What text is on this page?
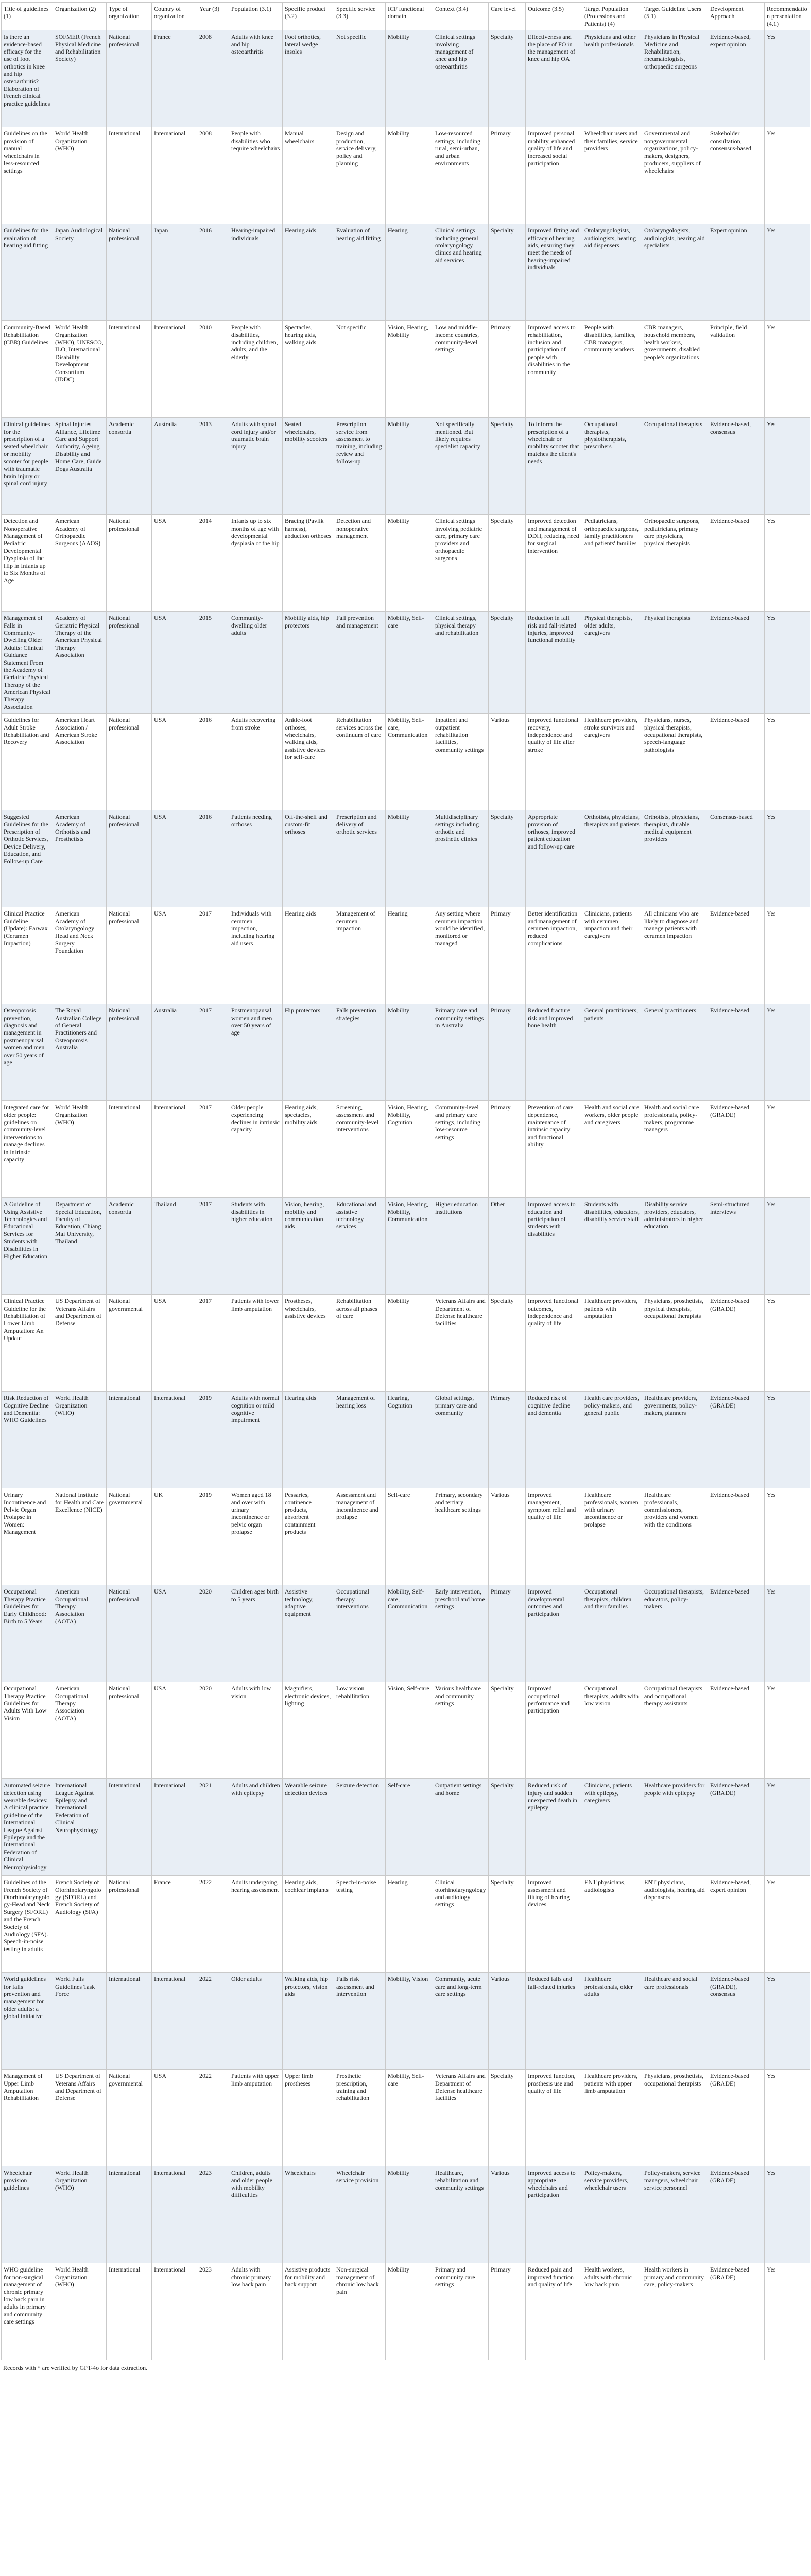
Title of guidelines (1)	Organization (2)	Type of organization	Country of organization	Year (3)	Population (3.1)	Specific product (3.2)	Specific service (3.3)	ICF functional domain	Context (3.4)	Care level	Outcome (3.5)	Target Population (Professions and Patients) (4)	Target Guideline Users (5.1)	Development Approach	Recommendation presentation (4.1)
Is there an evidence-based efficacy for the use of foot orthotics in knee and hip osteoarthritis? Elaboration of French clinical practice guidelines	SOFMER (French Physical Medicine and Rehabilitation Society)	National professional	France	2008	Adults with knee and hip osteoarthritis	Foot orthotics, lateral wedge insoles	Not specific	Mobility	Clinical settings involving management of knee and hip osteoarthritis	Specialty	Effectiveness and the place of FO in the management of knee and hip OA	Physicians and other health professionals	Physicians in Physical Medicine and Rehabilitation, rheumatologists, orthopaedic surgeons	Evidence-based, expert opinion	Yes
Guidelines on the provision of manual wheelchairs in less-resourced settings	World Health Organization (WHO)	International	International	2008	People with disabilities who require wheelchairs	Manual wheelchairs	Design and production, service delivery, policy and planning	Mobility	Low-resourced settings, including rural, semi-urban, and urban environments	Primary	Improved personal mobility, enhanced quality of life and increased social participation	Wheelchair users and their families, service providers	Governmental and nongovernmental organizations, policy-makers, designers, producers, suppliers of wheelchairs	Stakeholder consultation, consensus-based	Yes
Guidelines for the evaluation of hearing aid fitting	Japan Audiological Society	National professional	Japan	2016	Hearing-impaired individuals	Hearing aids	Evaluation of hearing aid fitting	Hearing	Clinical settings including general otolaryngology clinics and hearing aid services	Specialty	Improved fitting and efficacy of hearing aids, ensuring they meet the needs of hearing-impaired individuals	Otolaryngologists, audiologists, hearing aid dispensers	Otolaryngologists, audiologists, hearing aid specialists	Expert opinion	Yes
Community-Based Rehabilitation (CBR) Guidelines	World Health Organization (WHO), UNESCO, ILO, International Disability Development Consortium (IDDC)	International	International	2010	People with disabilities, including children, adults, and the elderly	Spectacles, hearing aids, walking aids	Not specific	Vision, Hearing, Mobility	Low and middle-income countries, community-level settings	Primary	Improved access to rehabilitation, inclusion and participation of people with disabilities in the community	People with disabilities, families, CBR managers, community workers	CBR managers, household members, health workers, governments, disabled people's organizations	Principle, field validation	Yes
Clinical guidelines for the prescription of a seated wheelchair or mobility scooter for people with traumatic brain injury or spinal cord injury	Spinal Injuries Alliance, Lifetime Care and Support Authority, Ageing Disability and Home Care, Guide Dogs Australia	Academic consortia	Australia	2013	Adults with spinal cord injury and/or traumatic brain injury	Seated wheelchairs, mobility scooters	Prescription service from assessment to training, including review and follow-up	Mobility	Not specifically mentioned. But likely requires specialist capacity	Specialty	To inform the prescription of a wheelchair or mobility scooter that matches the client's needs	Occupational therapists, physiotherapists, prescribers	Occupational therapists	Evidence-based, consensus	Yes
Detection and Nonoperative Management of Pediatric Developmental Dysplasia of the Hip in Infants up to Six Months of Age	American Academy of Orthopaedic Surgeons (AAOS)	National professional	USA	2014	Infants up to six months of age with developmental dysplasia of the hip	Bracing (Pavlik harness), abduction orthoses	Detection and nonoperative management	Mobility	Clinical settings involving pediatric care, primary care providers and orthopaedic surgeons	Specialty	Improved detection and management of DDH, reducing need for surgical intervention	Pediatricians, orthopaedic surgeons, family practitioners and patients' families	Orthopaedic surgeons, pediatricians, primary care physicians, physical therapists	Evidence-based	Yes
Management of Falls in Community-Dwelling Older Adults: Clinical Guidance Statement From the Academy of Geriatric Physical Therapy of the American Physical Therapy Association	Academy of Geriatric Physical Therapy of the American Physical Therapy Association	National professional	USA	2015	Community-dwelling older adults	Mobility aids, hip protectors	Fall prevention and management	Mobility, Self-care	Clinical settings, physical therapy and rehabilitation	Specialty	Reduction in fall risk and fall-related injuries, improved functional mobility	Physical therapists, older adults, caregivers	Physical therapists	Evidence-based	Yes
Guidelines for Adult Stroke Rehabilitation and Recovery	American Heart Association / American Stroke Association	National professional	USA	2016	Adults recovering from stroke	Ankle-foot orthoses, wheelchairs, walking aids, assistive devices for self-care	Rehabilitation services across the continuum of care	Mobility, Self-care, Communication	Inpatient and outpatient rehabilitation facilities, community settings	Various	Improved functional recovery, independence and quality of life after stroke	Healthcare providers, stroke survivors and caregivers	Physicians, nurses, physical therapists, occupational therapists, speech-language pathologists	Evidence-based	Yes
Suggested Guidelines for the Prescription of Orthotic Services, Device Delivery, Education, and Follow-up Care	American Academy of Orthotists and Prosthetists	National professional	USA	2016	Patients needing orthoses	Off-the-shelf and custom-fit orthoses	Prescription and delivery of orthotic services	Mobility	Multidisciplinary settings including orthotic and prosthetic clinics	Specialty	Appropriate provision of orthoses, improved patient education and follow-up care	Orthotists, physicians, therapists and patients	Orthotists, physicians, therapists, durable medical equipment providers	Consensus-based	Yes
Clinical Practice Guideline (Update): Earwax (Cerumen Impaction)	American Academy of Otolaryngology—Head and Neck Surgery Foundation	National professional	USA	2017	Individuals with cerumen impaction, including hearing aid users	Hearing aids	Management of cerumen impaction	Hearing	Any setting where cerumen impaction would be identified, monitored or managed	Primary	Better identification and management of cerumen impaction, reduced complications	Clinicians, patients with cerumen impaction and their caregivers	All clinicians who are likely to diagnose and manage patients with cerumen impaction	Evidence-based	Yes
Osteoporosis prevention, diagnosis and management in postmenopausal women and men over 50 years of age	The Royal Australian College of General Practitioners and Osteoporosis Australia	National professional	Australia	2017	Postmenopausal women and men over 50 years of age	Hip protectors	Falls prevention strategies	Mobility	Primary care and community settings in Australia	Primary	Reduced fracture risk and improved bone health	General practitioners, patients	General practitioners	Evidence-based	Yes
Integrated care for older people: guidelines on community-level interventions to manage declines in intrinsic capacity	World Health Organization (WHO)	International	International	2017	Older people experiencing declines in intrinsic capacity	Hearing aids, spectacles, mobility aids	Screening, assessment and community-level interventions	Vision, Hearing, Mobility, Cognition	Community-level and primary care settings, including low-resource settings	Primary	Prevention of care dependence, maintenance of intrinsic capacity and functional ability	Health and social care workers, older people and caregivers	Health and social care professionals, policy-makers, programme managers	Evidence-based (GRADE)	Yes
A Guideline of Using Assistive Technologies and Educational Services for Students with Disabilities in Higher Education	Department of Special Education, Faculty of Education, Chiang Mai University, Thailand	Academic consortia	Thailand	2017	Students with disabilities in higher education	Vision, hearing, mobility and communication aids	Educational and assistive technology services	Vision, Hearing, Mobility, Communication	Higher education institutions	Other	Improved access to education and participation of students with disabilities	Students with disabilities, educators, disability service staff	Disability service providers, educators, administrators in higher education	Semi-structured interviews	Yes
Clinical Practice Guideline for the Rehabilitation of Lower Limb Amputation: An Update	US Department of Veterans Affairs and Department of Defense	National governmental	USA	2017	Patients with lower limb amputation	Prostheses, wheelchairs, assistive devices	Rehabilitation across all phases of care	Mobility	Veterans Affairs and Department of Defense healthcare facilities	Specialty	Improved functional outcomes, independence and quality of life	Healthcare providers, patients with amputation	Physicians, prosthetists, physical therapists, occupational therapists	Evidence-based (GRADE)	Yes
Risk Reduction of Cognitive Decline and Dementia: WHO Guidelines	World Health Organization (WHO)	International	International	2019	Adults with normal cognition or mild cognitive impairment	Hearing aids	Management of hearing loss	Hearing, Cognition	Global settings, primary care and community	Primary	Reduced risk of cognitive decline and dementia	Health care providers, policy-makers, and general public	Healthcare providers, governments, policy-makers, planners	Evidence-based (GRADE)	Yes
Urinary Incontinence and Pelvic Organ Prolapse in Women: Management	National Institute for Health and Care Excellence (NICE)	National governmental	UK	2019	Women aged 18 and over with urinary incontinence or pelvic organ prolapse	Pessaries, continence products, absorbent containment products	Assessment and management of incontinence and prolapse	Self-care	Primary, secondary and tertiary healthcare settings	Various	Improved management, symptom relief and quality of life	Healthcare professionals, women with urinary incontinence or prolapse	Healthcare professionals, commissioners, providers and women with the conditions	Evidence-based	Yes
Occupational Therapy Practice Guidelines for Early Childhood: Birth to 5 Years	American Occupational Therapy Association (AOTA)	National professional	USA	2020	Children ages birth to 5 years	Assistive technology, adaptive equipment	Occupational therapy interventions	Mobility, Self-care, Communication	Early intervention, preschool and home settings	Primary	Improved developmental outcomes and participation	Occupational therapists, children and their families	Occupational therapists, educators, policy-makers	Evidence-based	Yes
Occupational Therapy Practice Guidelines for Adults With Low Vision	American Occupational Therapy Association (AOTA)	National professional	USA	2020	Adults with low vision	Magnifiers, electronic devices, lighting	Low vision rehabilitation	Vision, Self-care	Various healthcare and community settings	Specialty	Improved occupational performance and participation	Occupational therapists, adults with low vision	Occupational therapists and occupational therapy assistants	Evidence-based	Yes
Automated seizure detection using wearable devices: A clinical practice guideline of the International League Against Epilepsy and the International Federation of Clinical Neurophysiology	International League Against Epilepsy and International Federation of Clinical Neurophysiology	International	International	2021	Adults and children with epilepsy	Wearable seizure detection devices	Seizure detection	Self-care	Outpatient settings and home	Specialty	Reduced risk of injury and sudden unexpected death in epilepsy	Clinicians, patients with epilepsy, caregivers	Healthcare providers for people with epilepsy	Evidence-based (GRADE)	Yes
Guidelines of the French Society of Otorhinolaryngology-Head and Neck Surgery (SFORL) and the French Society of Audiology (SFA). Speech-in-noise testing in adults	French Society of Otorhinolaryngology (SFORL) and French Society of Audiology (SFA)	National professional	France	2022	Adults undergoing hearing assessment	Hearing aids, cochlear implants	Speech-in-noise testing	Hearing	Clinical otorhinolaryngology and audiology settings	Specialty	Improved assessment and fitting of hearing devices	ENT physicians, audiologists	ENT physicians, audiologists, hearing aid dispensers	Evidence-based, expert opinion	Yes
World guidelines for falls prevention and management for older adults: a global initiative	World Falls Guidelines Task Force	International	International	2022	Older adults	Walking aids, hip protectors, vision aids	Falls risk assessment and intervention	Mobility, Vision	Community, acute care and long-term care settings	Various	Reduced falls and fall-related injuries	Healthcare professionals, older adults	Healthcare and social care professionals	Evidence-based (GRADE), consensus	Yes
Management of Upper Limb Amputation Rehabilitation	US Department of Veterans Affairs and Department of Defense	National governmental	USA	2022	Patients with upper limb amputation	Upper limb prostheses	Prosthetic prescription, training and rehabilitation	Mobility, Self-care	Veterans Affairs and Department of Defense healthcare facilities	Specialty	Improved function, prosthesis use and quality of life	Healthcare providers, patients with upper limb amputation	Physicians, prosthetists, occupational therapists	Evidence-based (GRADE)	Yes
Wheelchair provision guidelines	World Health Organization (WHO)	International	International	2023	Children, adults and older people with mobility difficulties	Wheelchairs	Wheelchair service provision	Mobility	Healthcare, rehabilitation and community settings	Various	Improved access to appropriate wheelchairs and participation	Policy-makers, service providers, wheelchair users	Policy-makers, service managers, wheelchair service personnel	Evidence-based (GRADE)	Yes
WHO guideline for non-surgical management of chronic primary low back pain in adults in primary and community care settings	World Health Organization (WHO)	International	International	2023	Adults with chronic primary low back pain	Assistive products for mobility and back support	Non-surgical management of chronic low back pain	Mobility	Primary and community care settings	Primary	Reduced pain and improved function and quality of life	Health workers, adults with chronic low back pain	Health workers in primary and community care, policy-makers	Evidence-based (GRADE)	Yes
Records with * are verified by GPT-4o for data extraction.
